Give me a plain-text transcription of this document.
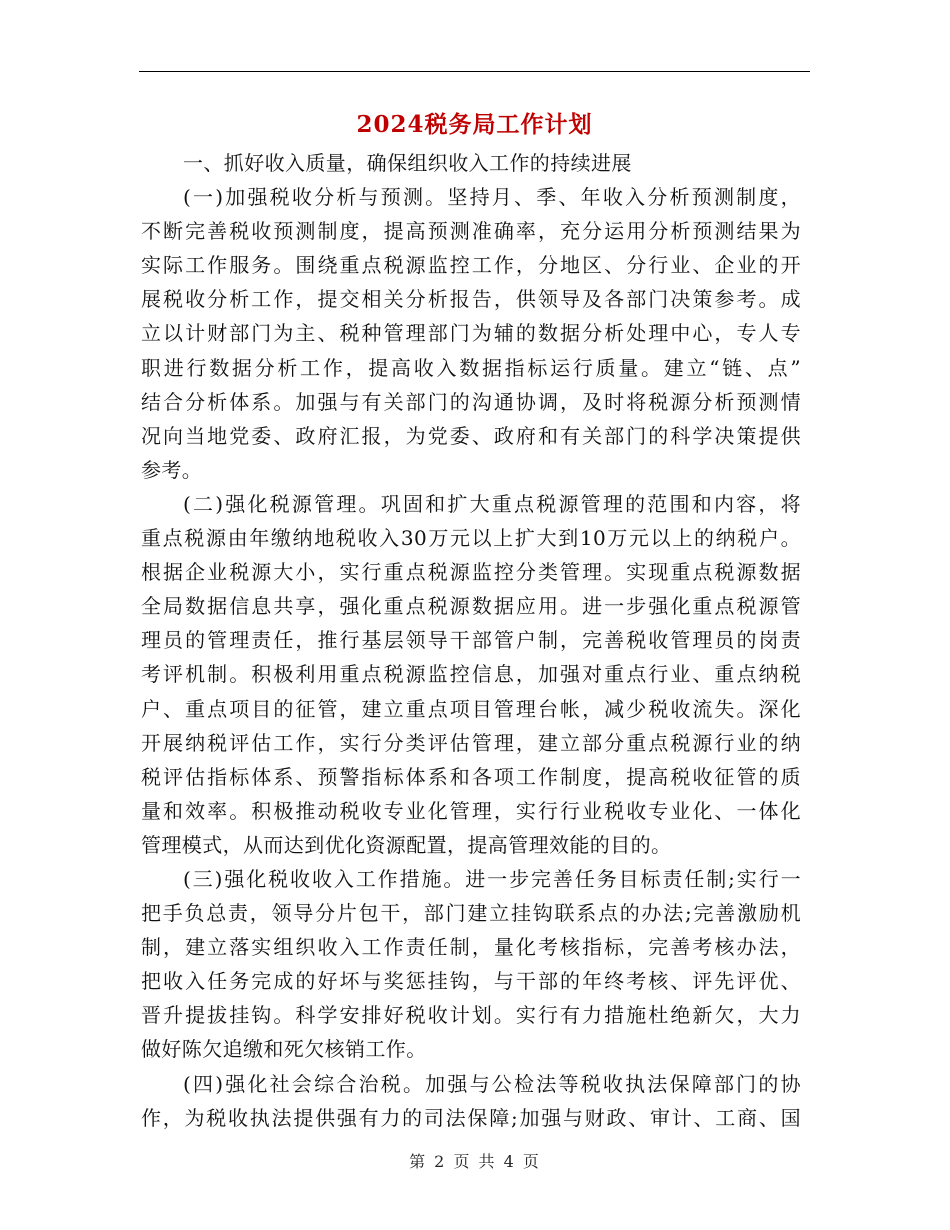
2024税务局工作计划
一、抓好收入质量，确保组织收入工作的持续进展
(一)加强税收分析与预测。坚持月、季、年收入分析预测制度，
不断完善税收预测制度，提高预测准确率，充分运用分析预测结果为
实际工作服务。围绕重点税源监控工作，分地区、分行业、企业的开
展税收分析工作，提交相关分析报告，供领导及各部门决策参考。成
立以计财部门为主、税种管理部门为辅的数据分析处理中心，专人专
职进行数据分析工作，提高收入数据指标运行质量。建立“链、点”
结合分析体系。加强与有关部门的沟通协调，及时将税源分析预测情
况向当地党委、政府汇报，为党委、政府和有关部门的科学决策提供
参考。
(二)强化税源管理。巩固和扩大重点税源管理的范围和内容，将
重点税源由年缴纳地税收入30万元以上扩大到10万元以上的纳税户。
根据企业税源大小，实行重点税源监控分类管理。实现重点税源数据
全局数据信息共享，强化重点税源数据应用。进一步强化重点税源管
理员的管理责任，推行基层领导干部管户制，完善税收管理员的岗责
考评机制。积极利用重点税源监控信息，加强对重点行业、重点纳税
户、重点项目的征管，建立重点项目管理台帐，减少税收流失。深化
开展纳税评估工作，实行分类评估管理，建立部分重点税源行业的纳
税评估指标体系、预警指标体系和各项工作制度，提高税收征管的质
量和效率。积极推动税收专业化管理，实行行业税收专业化、一体化
管理模式，从而达到优化资源配置，提高管理效能的目的。
(三)强化税收收入工作措施。进一步完善任务目标责任制;实行一
把手负总责，领导分片包干，部门建立挂钩联系点的办法;完善激励机
制，建立落实组织收入工作责任制，量化考核指标，完善考核办法，
把收入任务完成的好坏与奖惩挂钩，与干部的年终考核、评先评优、
晋升提拔挂钩。科学安排好税收计划。实行有力措施杜绝新欠，大力
做好陈欠追缴和死欠核销工作。
(四)强化社会综合治税。加强与公检法等税收执法保障部门的协
作，为税收执法提供强有力的司法保障;加强与财政、审计、工商、国
第 2 页 共 4 页
